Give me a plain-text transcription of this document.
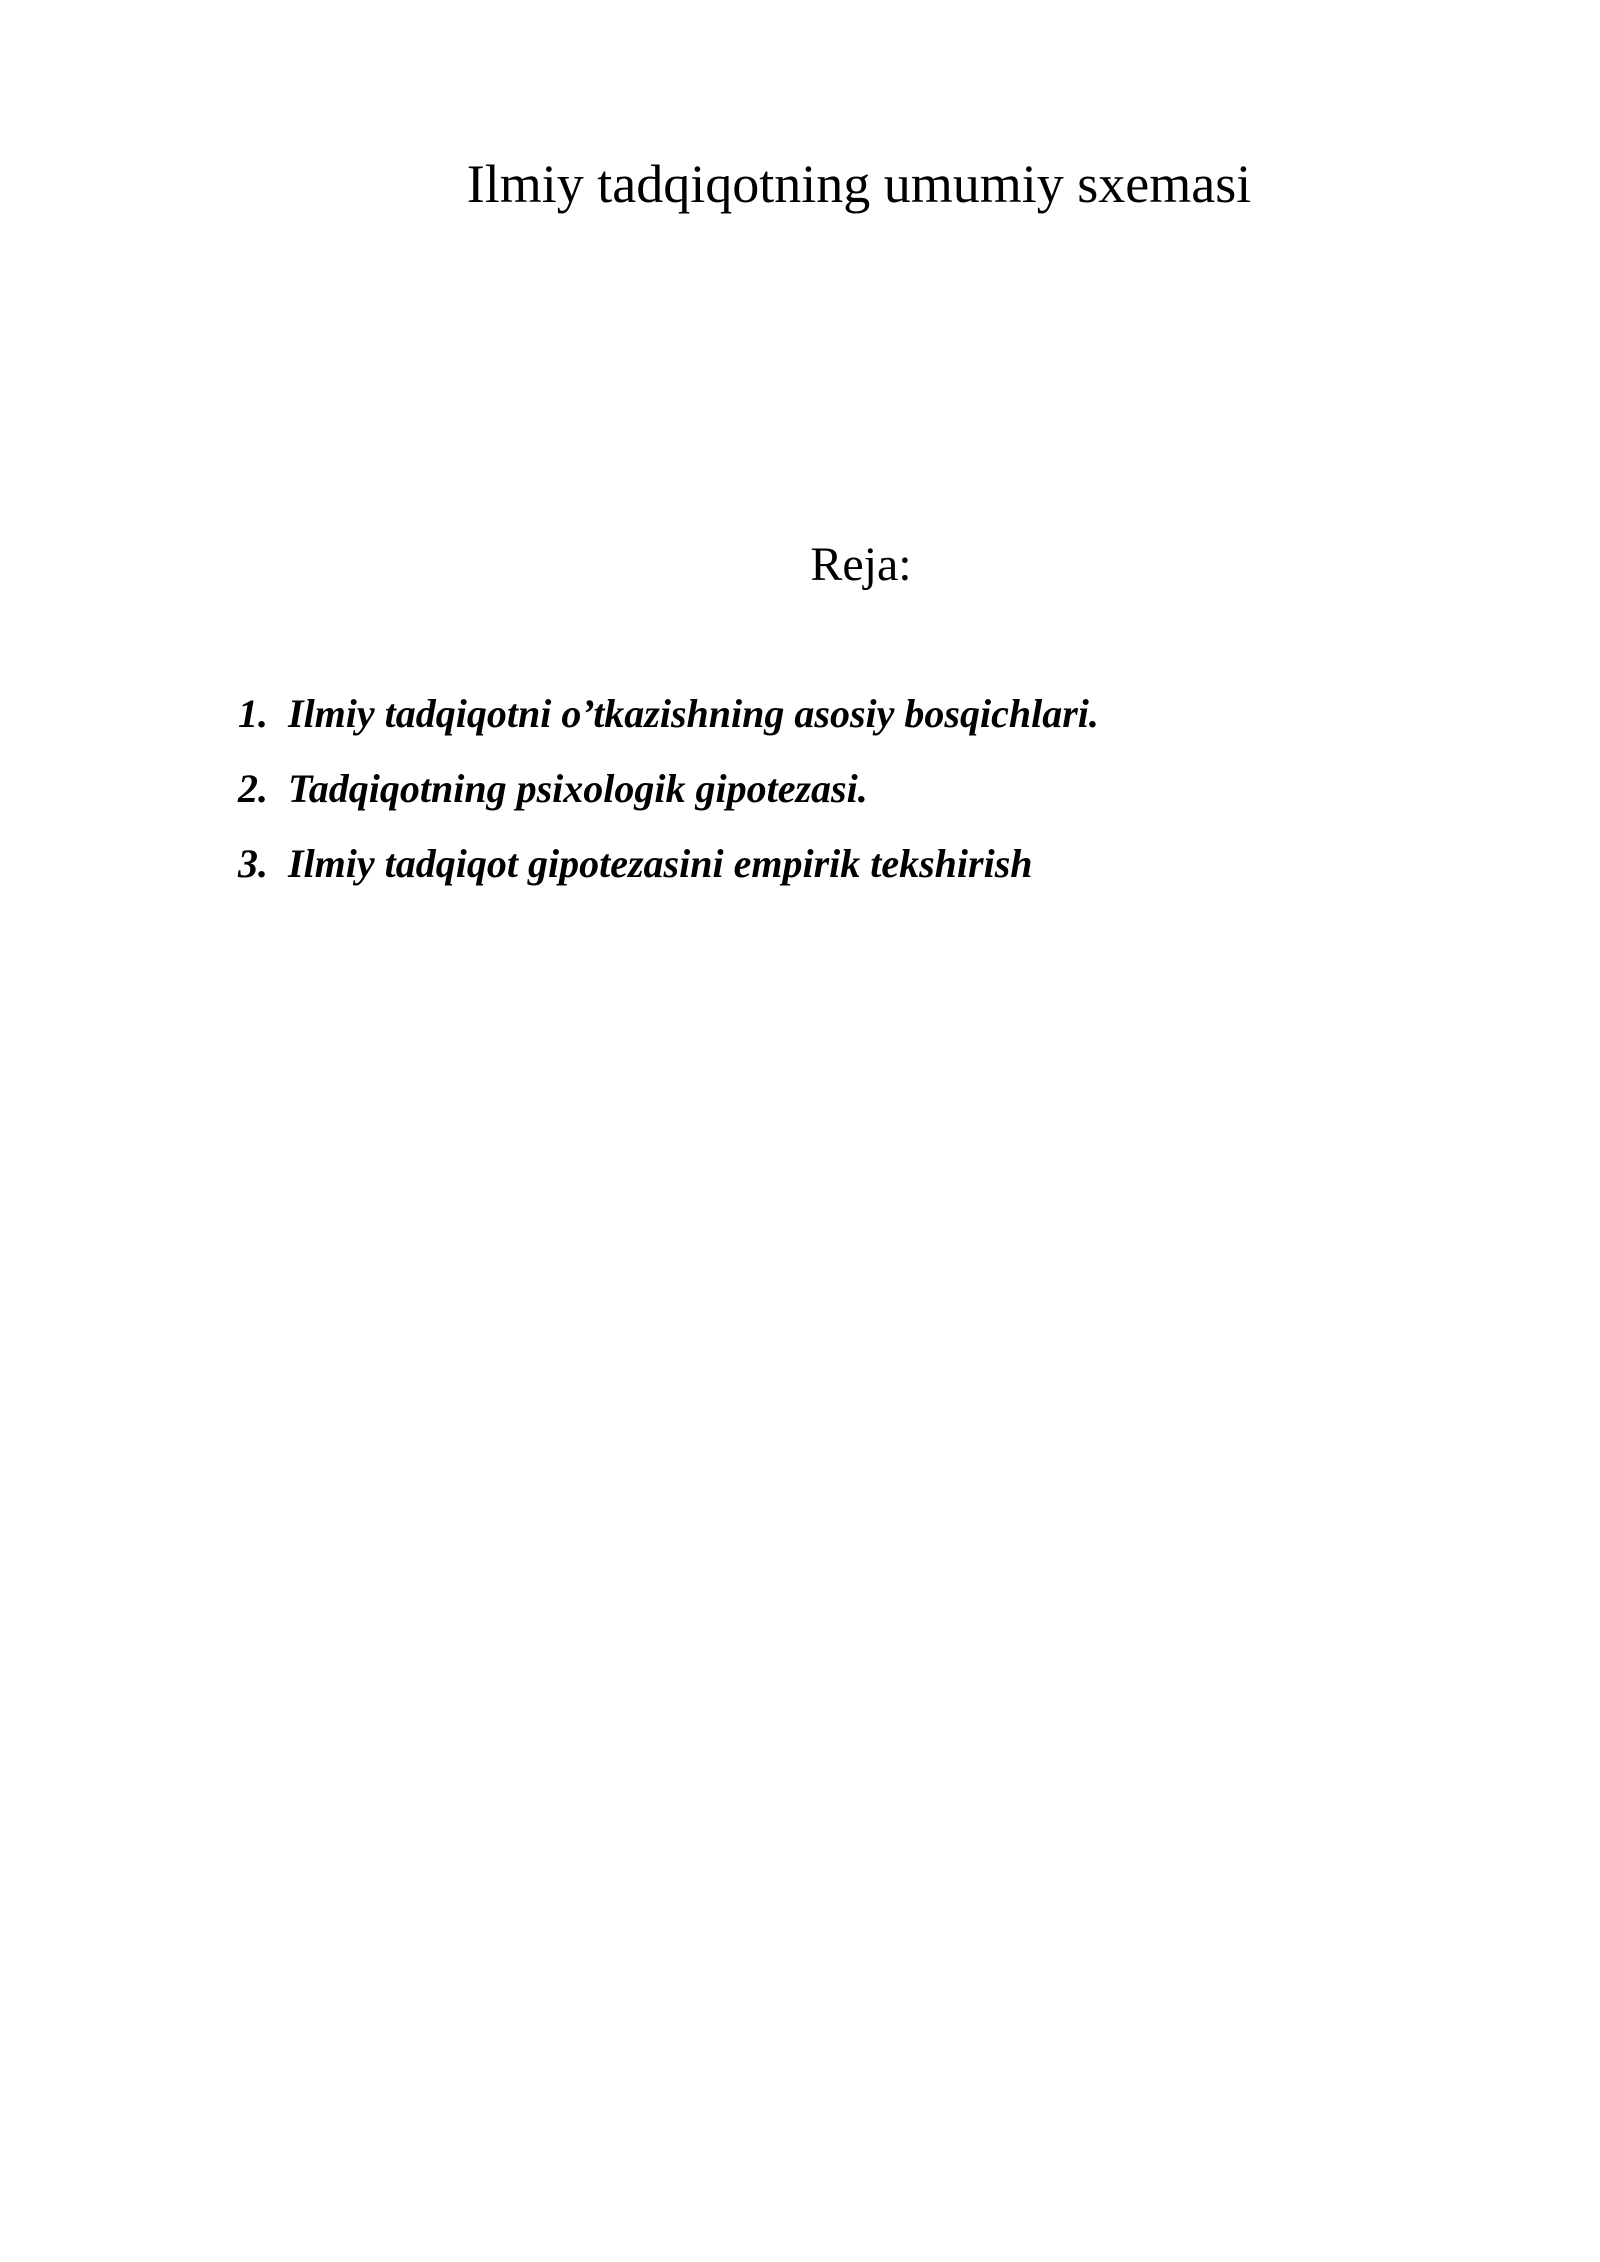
Ilmiy tadqiqotning umumiy sxemasi
Reja:
1. Ilmiy tadqiqotni o’tkazishning asosiy bosqichlari.
2. Tadqiqotning psixologik gipotezasi.
3. Ilmiy tadqiqot gipotezasini empirik tekshirish
